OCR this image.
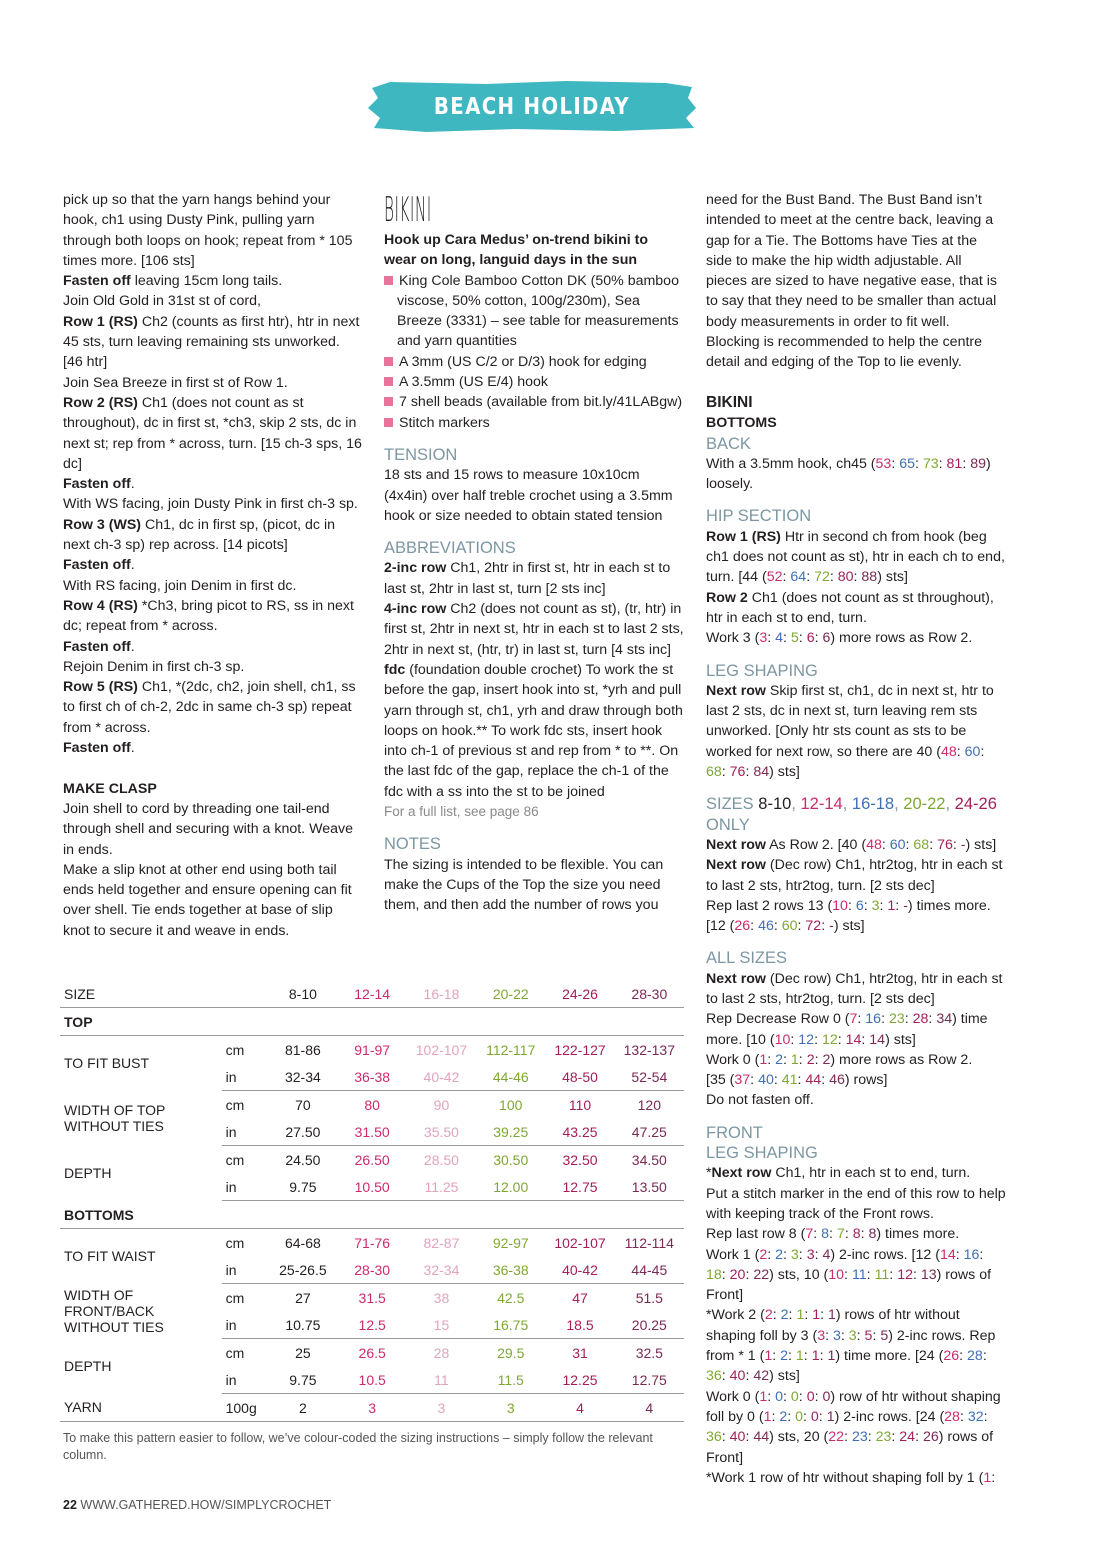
BEACH HOLIDAY COLLECTION

pick up so that the yarn hangs behind your hook, ch1 using Dusty Pink, pulling yarn through both loops on hook; repeat from * 105 times more. [106 sts]

Fasten off leaving 15cm long tails.

Join Old Gold in 31st st of cord,

Row 1 (RS) Ch2 (counts as first htr), htr in next 45 sts, turn leaving remaining sts unworked. [46 htr]

Join Sea Breeze in first st of Row 1.

Row 2 (RS) Ch1 (does not count as st throughout), dc in first st, *ch3, skip 2 sts, dc in next st; rep from * across, turn. [15 ch-3 sps, 16 dc]

Fasten off.

With WS facing, join Dusty Pink in first ch-3 sp.

Row 3 (WS) Ch1, dc in first sp, (picot, dc in next ch-3 sp) rep across. [14 picots]

Fasten off.

With RS facing, join Denim in first dc.

Row 4 (RS) *Ch3, bring picot to RS, ss in next dc; repeat from * across.

Fasten off.

Rejoin Denim in first ch-3 sp.

Row 5 (RS) Ch1, *(2dc, ch2, join shell, ch1, ss to first ch of ch-2, 2dc in same ch-3 sp) repeat from * across.

Fasten off.

MAKE CLASP

Join shell to cord by threading one tail-end through shell and securing with a knot. Weave in ends.

Make a slip knot at other end using both tail ends held together and ensure opening can fit over shell. Tie ends together at base of slip knot to secure it and weave in ends.

BIKINI

Hook up Cara Medus’ on-trend bikini to wear on long, languid days in the sun

King Cole Bamboo Cotton DK (50% bamboo viscose, 50% cotton, 100g/230m), Sea Breeze (3331) – see table for measurements and yarn quantities

A 3mm (US C/2 or D/3) hook for edging

A 3.5mm (US E/4) hook

7 shell beads (available from bit.ly/41LABgw)

Stitch markers

TENSION

18 sts and 15 rows to measure 10x10cm (4x4in) over half treble crochet using a 3.5mm hook or size needed to obtain stated tension

ABBREVIATIONS

2-inc row Ch1, 2htr in first st, htr in each st to last st, 2htr in last st, turn [2 sts inc]

4-inc row Ch2 (does not count as st), (tr, htr) in first st, 2htr in next st, htr in each st to last 2 sts, 2htr in next st, (htr, tr) in last st, turn [4 sts inc]

fdc (foundation double crochet) To work the st before the gap, insert hook into st, *yrh and pull yarn through st, ch1, yrh and draw through both loops on hook.** To work fdc sts, insert hook into ch-1 of previous st and rep from * to **. On the last fdc of the gap, replace the ch-1 of the fdc with a ss into the st to be joined

For a full list, see page 86

NOTES

The sizing is intended to be flexible. You can make the Cups of the Top the size you need them, and then add the number of rows you

need for the Bust Band. The Bust Band isn’t intended to meet at the centre back, leaving a gap for a Tie. The Bottoms have Ties at the side to make the hip width adjustable. All pieces are sized to have negative ease, that is to say that they need to be smaller than actual body measurements in order to fit well. Blocking is recommended to help the centre detail and edging of the Top to lie evenly.

BIKINI

BOTTOMS

BACK

With a 3.5mm hook, ch45 (53: 65: 73: 81: 89)
loosely.

HIP SECTION

Row 1 (RS) Htr in second ch from hook (beg ch1 does not count as st), htr in each ch to end, turn. [44 (52: 64: 72: 80: 88) sts]

Row 2 Ch1 (does not count as st throughout), htr in each st to end, turn.

Work 3 (3: 4: 5: 6: 6) more rows as Row 2.

LEG SHAPING

Next row Skip first st, ch1, dc in next st, htr to last 2 sts, dc in next st, turn leaving rem sts unworked. [Only htr sts count as sts to be worked for next row, so there are 40 (48: 60: 68: 76: 84) sts]

SIZES 8-10, 12-14, 16-18, 20-22, 24-26
ONLY

Next row As Row 2. [40 (48: 60: 68: 76: -) sts]

Next row (Dec row) Ch1, htr2tog, htr in each st to last 2 sts, htr2tog, turn. [2 sts dec]

Rep last 2 rows 13 (10: 6: 3: 1: -) times more.

[12 (26: 46: 60: 72: -) sts]

ALL SIZES

Next row (Dec row) Ch1, htr2tog, htr in each st to last 2 sts, htr2tog, turn. [2 sts dec]

Rep Decrease Row 0 (7: 16: 23: 28: 34) time
more. [10 (10: 12: 12: 14: 14) sts]

Work 0 (1: 2: 1: 2: 2) more rows as Row 2.

[35 (37: 40: 41: 44: 46) rows]

Do not fasten off.

FRONT
LEG SHAPING

*Next row Ch1, htr in each st to end, turn.

Put a stitch marker in the end of this row to help with keeping track of the Front rows.

Rep last row 8 (7: 8: 7: 8: 8) times more.

Work 1 (2: 2: 3: 3: 4) 2-inc rows. [12 (14: 16: 18: 20: 22) sts, 10 (10: 11: 11: 12: 13) rows of Front]

*Work 2 (2: 2: 1: 1: 1) rows of htr without shaping foll by 3 (3: 3: 3: 5: 5) 2-inc rows. Rep from * 1 (1: 2: 1: 1: 1) time more. [24 (26: 28: 36: 40: 42) sts]

Work 0 (1: 0: 0: 0: 0) row of htr without shaping foll by 0 (1: 2: 0: 0: 1) 2-inc rows. [24 (28: 32: 36: 40: 44) sts, 20 (22: 23: 23: 24: 26) rows of Front]

*Work 1 row of htr without shaping foll by 1 (1:

SIZE		8-10	12-14	16-18	20-22	24-26	28-30
TOP							
TO FIT BUST	cm	81-86	91-97	102-107	112-117	122-127	132-137
	in	32-34	36-38	40-42	44-46	48-50	52-54
WIDTH OF TOP
WITHOUT TIES	cm	70	80	90	100	110	120
	in	27.50	31.50	35.50	39.25	43.25	47.25
DEPTH	cm	24.50	26.50	28.50	30.50	32.50	34.50
	in	9.75	10.50	11.25	12.00	12.75	13.50
BOTTOMS							
TO FIT WAIST	cm	64-68	71-76	82-87	92-97	102-107	112-114
	in	25-26.5	28-30	32-34	36-38	40-42	44-45
WIDTH OF FRONT/BACK
WITHOUT TIES	cm	27	31.5	38	42.5	47	51.5
	in	10.75	12.5	15	16.75	18.5	20.25
DEPTH	cm	25	26.5	28	29.5	31	32.5
	in	9.75	10.5	11	11.5	12.25	12.75
YARN	100g	2	3	3	3	4	4
To make this pattern easier to follow, we’ve colour-coded the sizing instructions – simply follow the relevant column.
22 WWW.GATHERED.HOW/SIMPLYCROCHET
